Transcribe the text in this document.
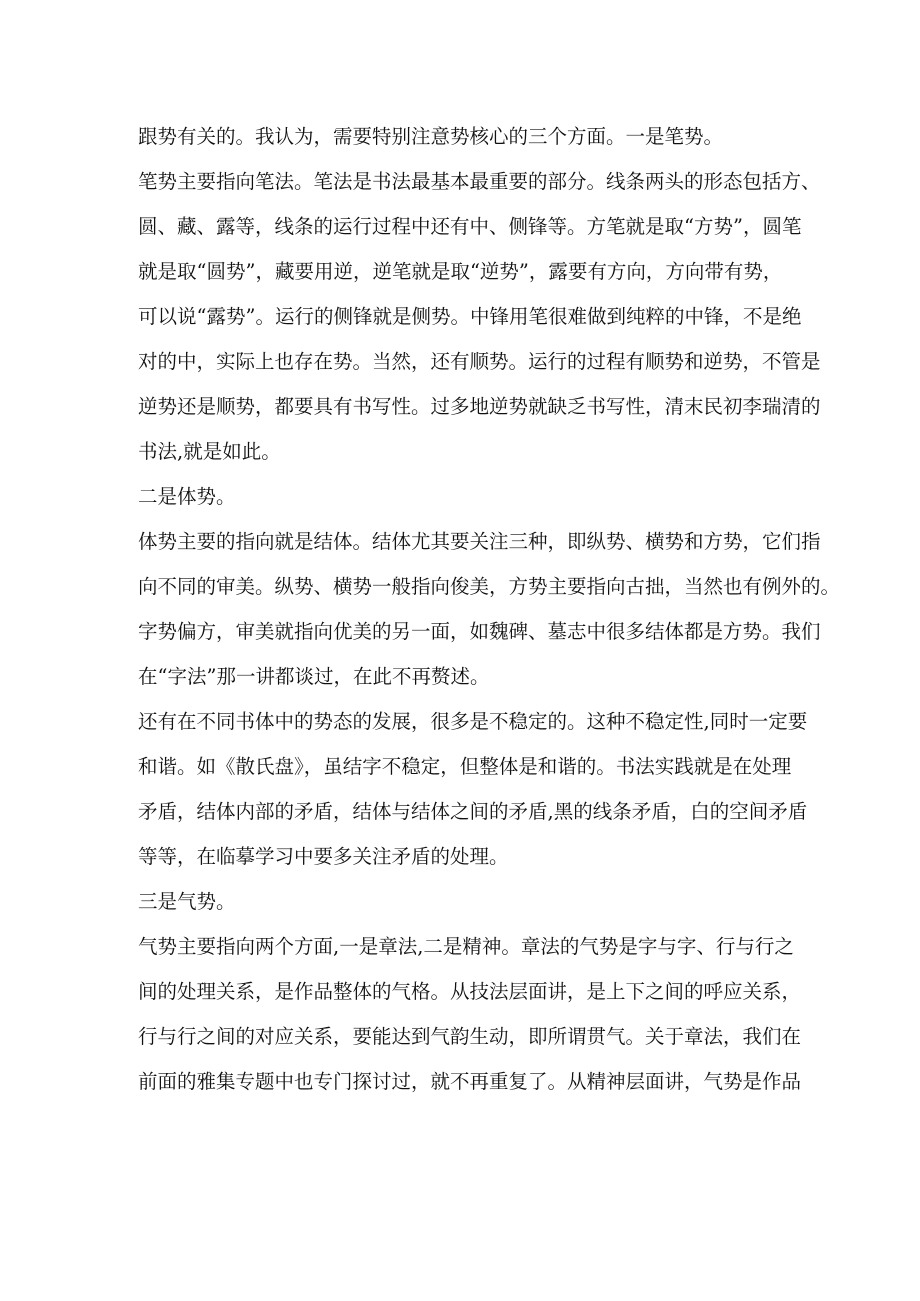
跟势有关的。我认为，需要特别注意势核心的三个方面。一是笔势。
笔势主要指向笔法。笔法是书法最基本最重要的部分。线条两头的形态包括方、
圆、藏、露等，线条的运行过程中还有中、侧锋等。方笔就是取“方势”，圆笔
就是取“圆势”，藏要用逆，逆笔就是取“逆势”，露要有方向，方向带有势，
可以说“露势”。运行的侧锋就是侧势。中锋用笔很难做到纯粹的中锋，不是绝
对的中，实际上也存在势。当然，还有顺势。运行的过程有顺势和逆势，不管是
逆势还是顺势，都要具有书写性。过多地逆势就缺乏书写性，清末民初李瑞清的
书法,就是如此。
二是体势。
体势主要的指向就是结体。结体尤其要关注三种，即纵势、横势和方势，它们指
向不同的审美。纵势、横势一般指向俊美，方势主要指向古拙，当然也有例外的。
字势偏方，审美就指向优美的另一面，如魏碑、墓志中很多结体都是方势。我们
在“字法”那一讲都谈过，在此不再赘述。
还有在不同书体中的势态的发展，很多是不稳定的。这种不稳定性,同时一定要
和谐。如《散氏盘》，虽结字不稳定，但整体是和谐的。书法实践就是在处理
矛盾，结体内部的矛盾，结体与结体之间的矛盾,黑的线条矛盾，白的空间矛盾
等等，在临摹学习中要多关注矛盾的处理。
三是气势。
气势主要指向两个方面,一是章法,二是精神。章法的气势是字与字、行与行之
间的处理关系，是作品整体的气格。从技法层面讲，是上下之间的呼应关系，
行与行之间的对应关系，要能达到气韵生动，即所谓贯气。关于章法，我们在
前面的雅集专题中也专门探讨过，就不再重复了。从精神层面讲，气势是作品
